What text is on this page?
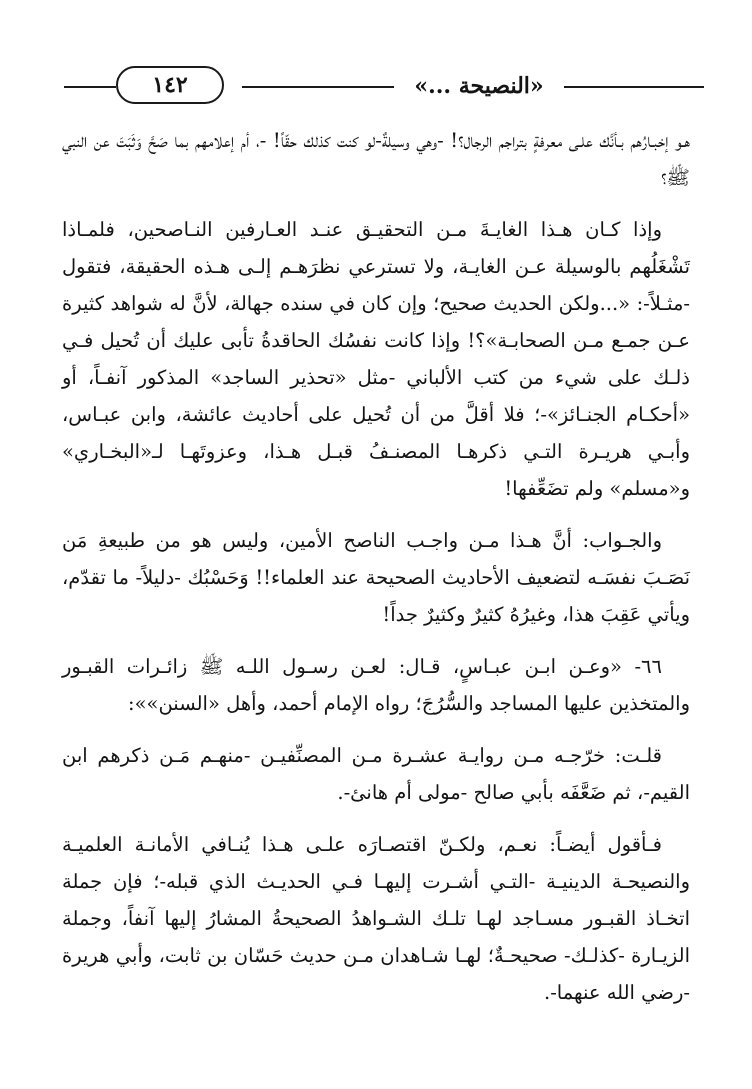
١٤٢	«النصيحة ...»

هـو إخبـارُهم بـأنَّك علـى معرفةٍ بتراجم الرجال؟! -وهي وسيلةٌ-لو كنت كذلك حقّاً! -، أم إعلامهم بما صَحَّ وَثَبَتَ عن النبي ﷺ؟

وإذا كـان هـذا الغايـةَ مـن التحقيـق عنـد العـارفين النـاصحين، فلمـاذا تَشْغَلُهم بالوسيلة عـن الغايـة، ولا تسترعي نظرَهـم إلـى هـذه الحقيقة، فتقول -مثـلاً-: «...ولكن الحديث صحيح؛ وإن كان في سنده جهالة، لأنَّ له شواهد كثيرة عـن جمـع مـن الصحابـة»؟! وإذا كانت نفسُك الحاقدةُ تأبى عليك أن تُحيل فـي ذلـك على شيء من كتب الألباني -مثل «تحذير الساجد» المذكور آنفـاً، أو «أحكـام الجنـائز»-؛ فلا أقلَّ من أن تُحيل على أحاديث عائشة، وابن عبـاس، وأبـي هريـرة التـي ذكرهـا المصنـفُ قبـل هـذا، وعزوتَهـا لـ«البخـاري» و«مسلم» ولم تضَعِّفها!

والجـواب: أنَّ هـذا مـن واجـب الناصح الأمين، وليس هو من طبيعةِ مَن نَصَـبَ نفسَـه لتضعيف الأحاديث الصحيحة عند العلماء!! وَحَسْبُك -دليلاً- ما تقدّم، ويأتي عَقِبَ هذا، وغيرُهُ كثيرٌ وكثيرٌ جداً!

٦٦- «وعـن ابـن عبـاسٍ، قـال: لعـن رسـول اللـه ﷺ زائـرات القبـور والمتخذين عليها المساجد والسُّرُجَ؛ رواه الإمام أحمد، وأهل «السنن»»:

قلـت: خرّجـه مـن روايـة عشـرة مـن المصنِّفيـن -منهـم مَـن ذكرهم ابن القيم-، ثم ضَعَّفَه بأبي صالح -مولى أم هانئ-.

فـأقول أيضـاً: نعـم، ولكـنّ اقتصـارَه علـى هـذا يُنـافي الأمانـة العلميـة والنصيحـة الدينيـة -التـي أشـرت إليهـا فـي الحديـث الذي قبله-؛ فإن جملة اتخـاذ القبـور مسـاجد لهـا تلـك الشـواهدُ الصحيحةُ المشارُ إليها آنفاً، وجملة الزيـارة -كذلـك- صحيحـةٌ؛ لهـا شـاهدان مـن حديث حَسّان بن ثابت، وأبي هريرة -رضي الله عنهما-.
